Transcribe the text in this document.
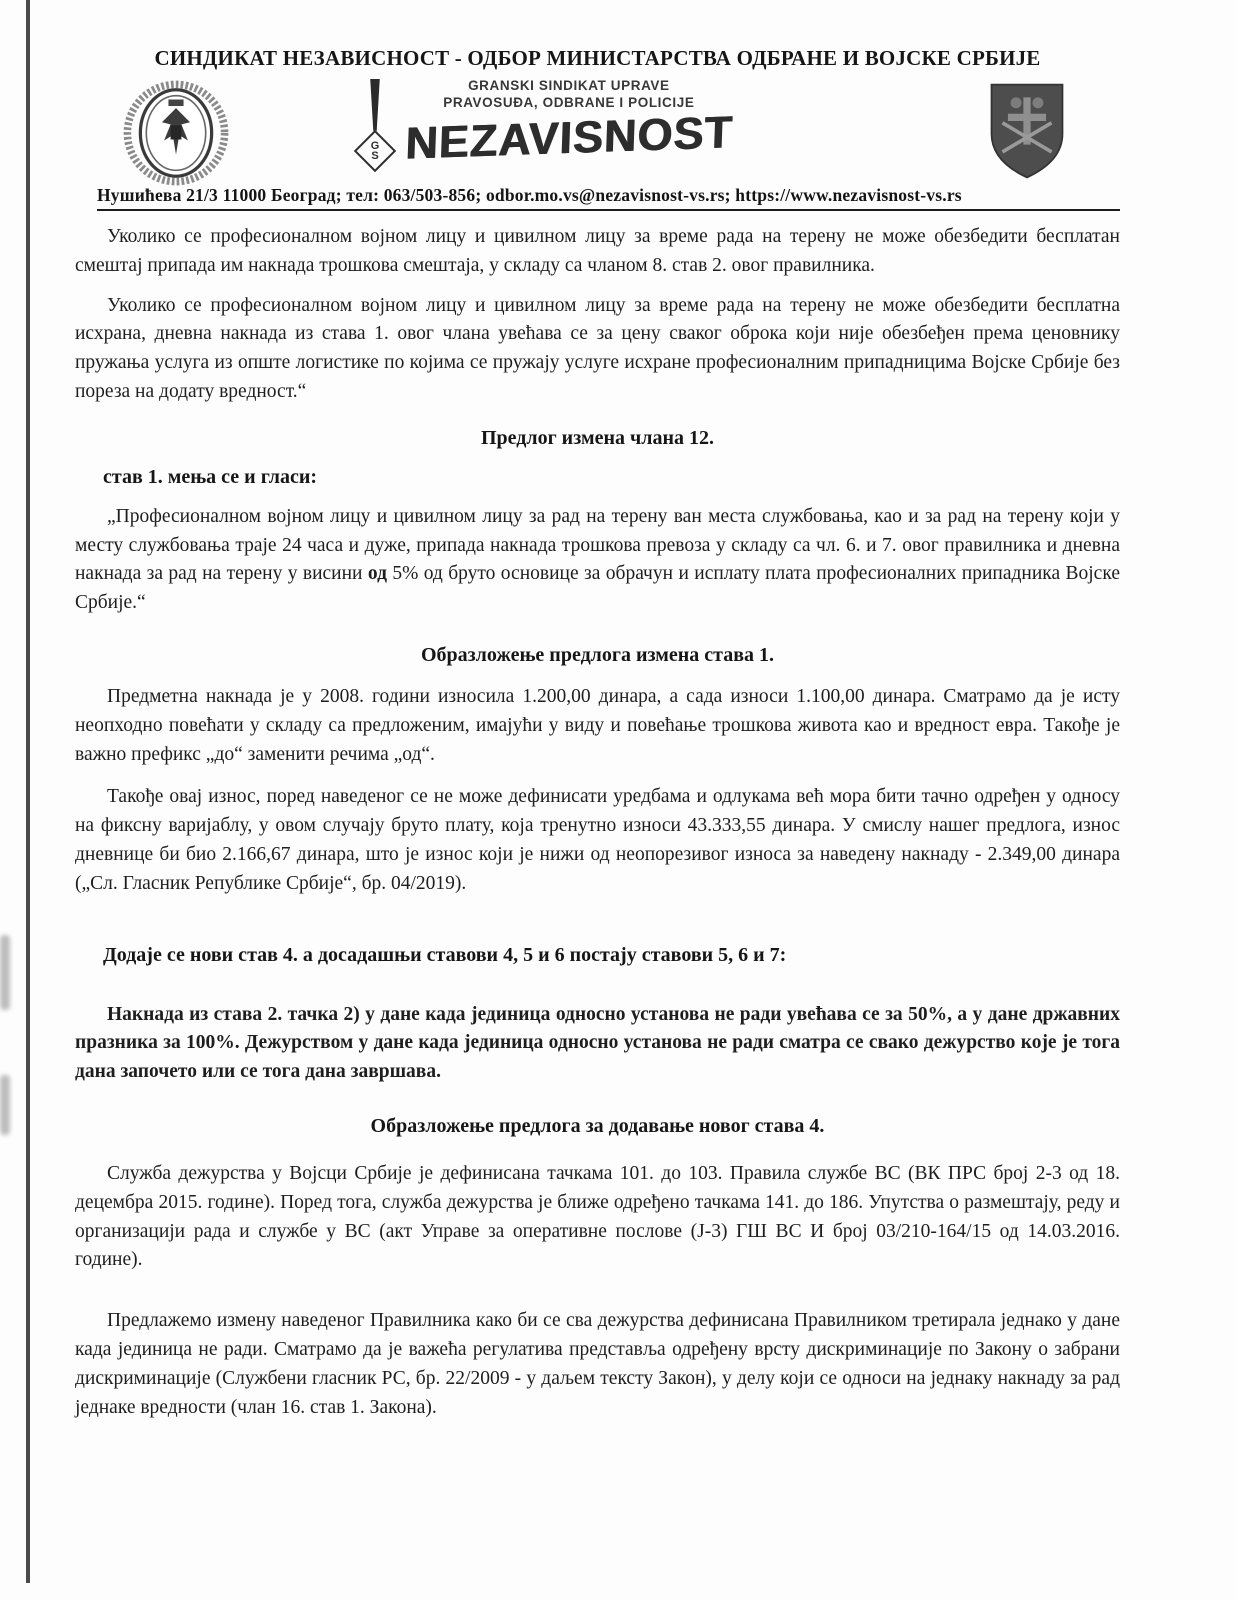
СИНДИКАТ НЕЗАВИСНОСТ - ОДБОР МИНИСТАРСТВА ОДБРАНЕ И ВОЈСКЕ СРБИЈЕ
GS
GRANSKI SINDIKAT UPRAVE
PRAVOSUĐA, ODBRANE I POLICIJE
NEZAVISNOST
Нушићева 21/3 11000 Београд; тел: 063/503-856; odbor.mo.vs@nezavisnost-vs.rs; https://www.nezavisnost-vs.rs

Уколико се професионалном војном лицу и цивилном лицу за време рада на терену не може обезбедити бесплатан смештај припада им накнада трошкова смештаја, у складу са чланом 8. став 2. овог правилника.

Уколико се професионалном војном лицу и цивилном лицу за време рада на терену не може обезбедити бесплатна исхрана, дневна накнада из става 1. овог члана увећава се за цену сваког оброка који није обезбеђен према ценовнику пружања услуга из опште логистике по којима се пружају услуге исхране професионалним припадницима Војске Србије без пореза на додату вредност.“

Предлог измена члана 12.
став 1. мења се и гласи:

„Професионалном војном лицу и цивилном лицу за рад на терену ван места службовања, као и за рад на терену који у месту службовања траје 24 часа и дуже, припада накнада трошкова превоза у складу са чл. 6. и 7. овог правилника и дневна накнада за рад на терену у висини од 5% од бруто основице за обрачун и исплату плата професионалних припадника Војске Србије.“

Образложење предлога измена става 1.

Предметна накнада је у 2008. години износила 1.200,00 динара, а сада износи 1.100,00 динара. Сматрамо да је исту неопходно повећати у складу са предложеним, имајући у виду и повећање трошкова живота као и вредност евра. Такође је важно префикс „до“ заменити речима „од“.

Такође овај износ, поред наведеног се не може дефинисати уредбама и одлукама већ мора бити тачно одређен у односу на фиксну варијаблу, у овом случају бруто плату, која тренутно износи 43.333,55 динара. У смислу нашег предлога, износ дневнице би био 2.166,67 динара, што је износ који је нижи од неопорезивог износа за наведену накнаду - 2.349,00 динара („Сл. Гласник Републике Србије“, бр. 04/2019).

Додаје се нови став 4. а досадашњи ставови 4, 5 и 6 постају ставови 5, 6 и 7:

Накнада из става 2. тачка 2) у дане када јединица односно установа не ради увећава се за 50%, а у дане државних празника за 100%. Дежурством у дане када јединица односно установа не ради сматра се свако дежурство које је тога дана започето или се тога дана завршава.

Образложење предлога за додавање новог става 4.

Служба дежурства у Војсци Србије је дефинисана тачкама 101. до 103. Правила службе ВС (ВК ПРС број 2-3 од 18. децембра 2015. године). Поред тога, служба дежурства је ближе одређено тачкама 141. до 186. Упутства о размештају, реду и организацији рада и службе у ВС (акт Управе за оперативне послове (Ј-3) ГШ ВС И број 03/210-164/15 од 14.03.2016. године).

Предлажемо измену наведеног Правилника како би се сва дежурства дефинисана Правилником третирала једнако у дане када јединица не ради. Сматрамо да је важећа регулатива представља одређену врсту дискриминације по Закону о забрани дискриминације (Службени гласник РС, бр. 22/2009 - у даљем тексту Закон), у делу који се односи на једнаку накнаду за рад једнаке вредности (члан 16. став 1. Закона).
